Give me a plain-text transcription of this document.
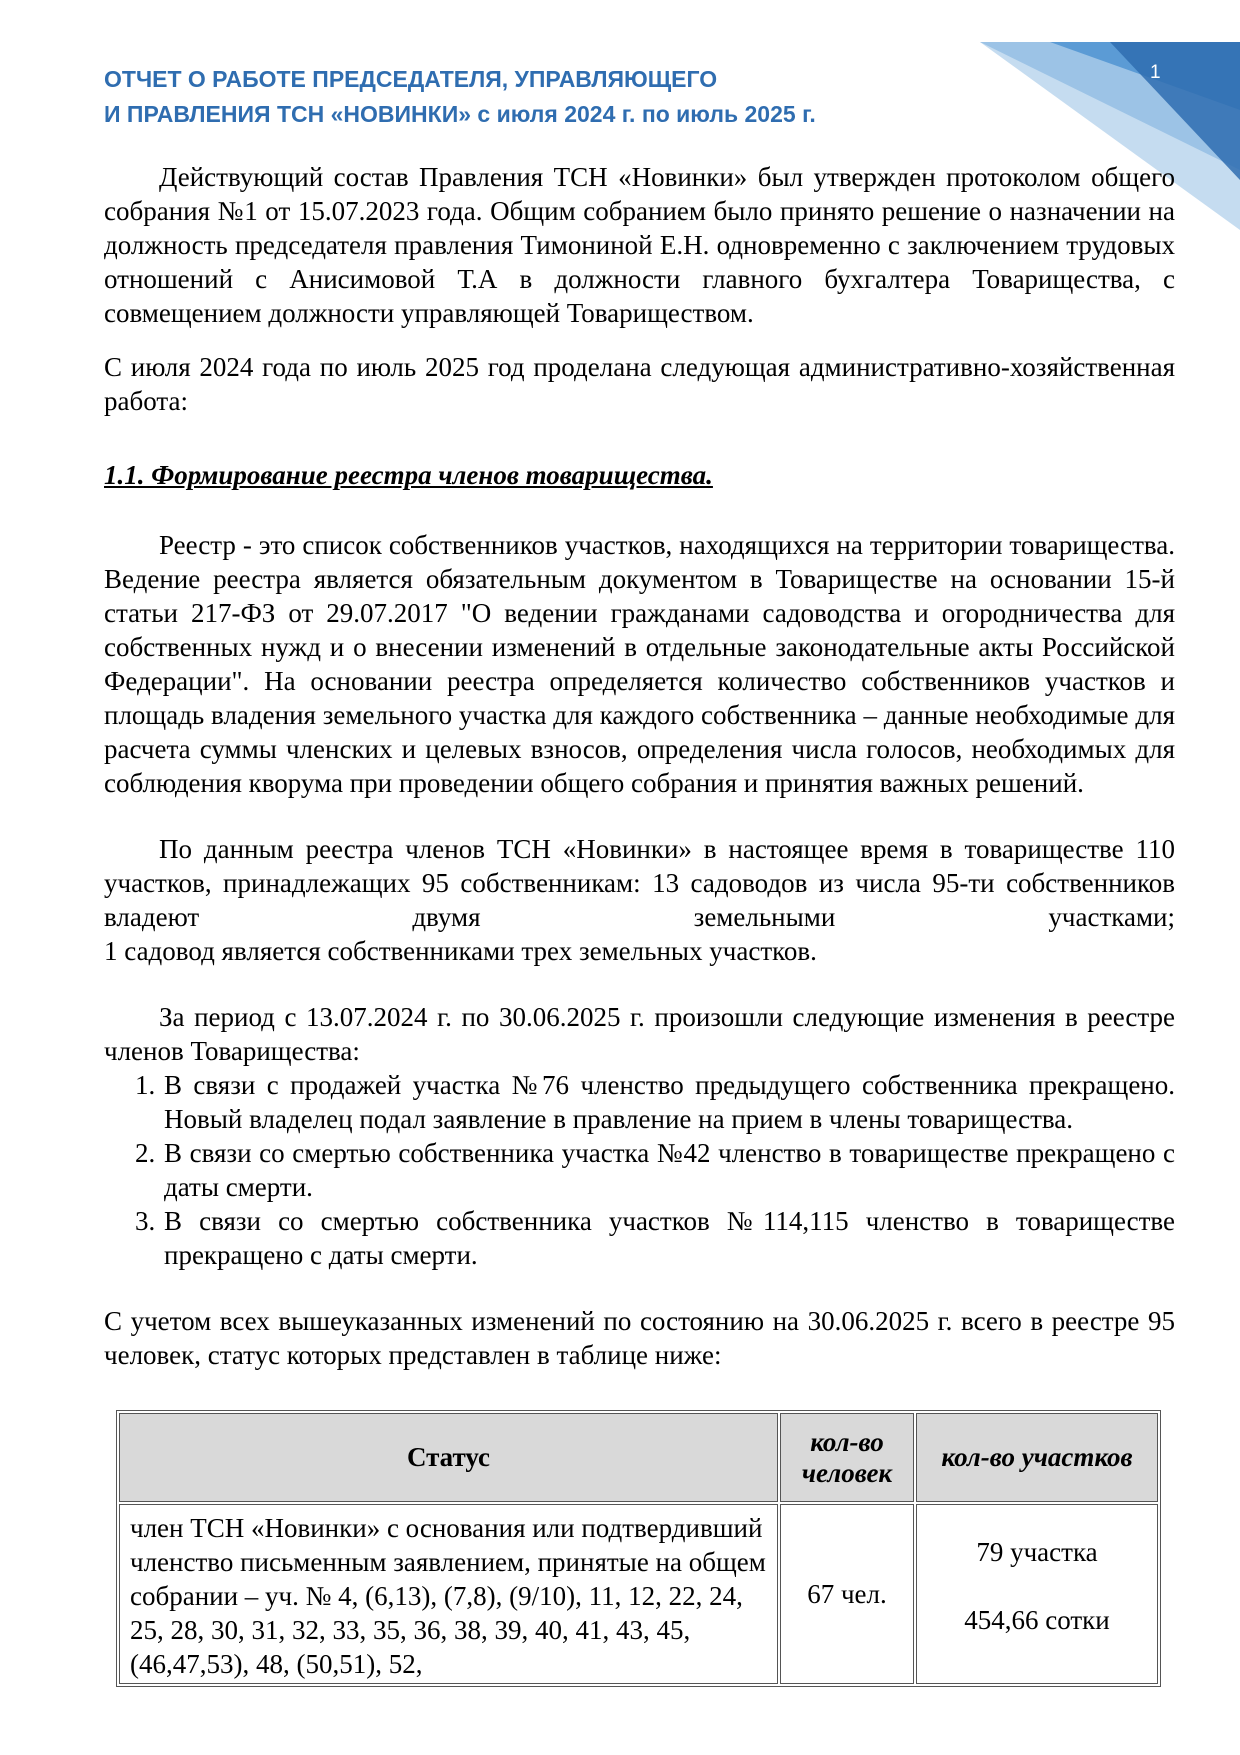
1
ОТЧЕТ О РАБОТЕ ПРЕДСЕДАТЕЛЯ, УПРАВЛЯЮЩЕГО
И ПРАВЛЕНИЯ ТСН «НОВИНКИ» с июля 2024 г. по июль 2025 г.

Действующий состав Правления ТСН «Новинки» был утвержден протоколом общего собрания №1 от 15.07.2023 года. Общим собранием было принято решение о назначении на должность председателя правления Тимониной Е.Н. одновременно с заключением трудовых отношений с Анисимовой Т.А в должности главного бухгалтера Товарищества, с совмещением должности управляющей Товариществом.

С июля 2024 года по июль 2025 год проделана следующая административно-хозяйственная работа:

1.1. Формирование реестра членов товарищества.

Реестр - это список собственников участков, находящихся на территории товарищества. Ведение реестра является обязательным документом в Товариществе на основании 15-й статьи 217-ФЗ от 29.07.2017 "О ведении гражданами садоводства и огородничества для собственных нужд и о внесении изменений в отдельные законодательные акты Российской Федерации". На основании реестра определяется количество собственников участков и площадь владения земельного участка для каждого собственника – данные необходимые для расчета суммы членских и целевых взносов, определения числа голосов, необходимых для соблюдения кворума при проведении общего собрания и принятия важных решений.

По данным реестра членов ТСН «Новинки» в настоящее время в товариществе 110 участков, принадлежащих 95 собственникам: 13 садоводов из числа 95-ти собственников владеют двумя земельными участками;

1 садовод является собственниками трех земельных участков.

За период с 13.07.2024 г. по 30.06.2025 г. произошли следующие изменения в реестре членов Товарищества:

1. В связи с продажей участка №76 членство предыдущего собственника прекращено. Новый владелец подал заявление в правление на прием в члены товарищества.
2. В связи со смертью собственника участка №42 членство в товариществе прекращено с даты смерти.
3. В связи со смертью собственника участков №114,115 членство в товариществе прекращено с даты смерти.

С учетом всех вышеуказанных изменений по состоянию на 30.06.2025 г. всего в реестре 95 человек, статус которых представлен в таблице ниже:

Статус	кол-во человек	кол-во участков
член ТСН «Новинки» с основания или подтвердивший членство письменным заявлением, принятые на общем собрании – уч. № 4, (6,13), (7,8), (9/10), 11, 12, 22, 24, 25, 28, 30, 31, 32, 33, 35, 36, 38, 39, 40, 41, 43, 45, (46,47,53), 48, (50,51), 52,	67 чел.	79 участка
454,66 сотки
